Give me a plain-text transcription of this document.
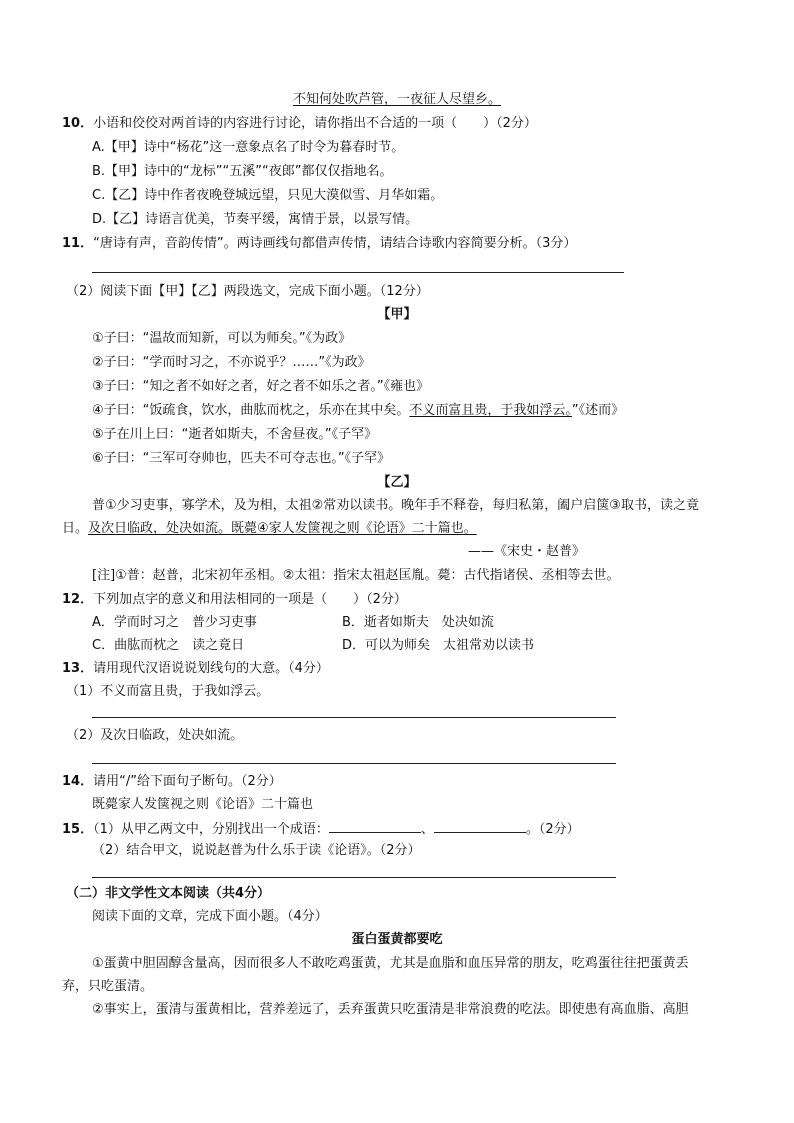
不知何处吹芦管，一夜征人尽望乡。
10．小语和佼佼对两首诗的内容进行讨论，请你指出不合适的一项（　　）（2分）
A.【甲】诗中“杨花”这一意象点名了时令为暮春时节。
B.【甲】诗中的“龙标”“五溪”“夜郎”都仅仅指地名。
C.【乙】诗中作者夜晚登城远望，只见大漠似雪、月华如霜。
D.【乙】诗语言优美，节奏平缓，寓情于景，以景写情。
11．“唐诗有声，音韵传情”。两诗画线句都借声传情，请结合诗歌内容简要分析。（3分）
（2）阅读下面【甲】【乙】两段选文，完成下面小题。（12分）
【甲】
①子曰：“温故而知新，可以为师矣。”《为政》
②子曰：“学而时习之，不亦说乎？……”《为政》
③子曰：“知之者不如好之者，好之者不如乐之者。”《雍也》
④子曰：“饭疏食，饮水，曲肱而枕之，乐亦在其中矣。不义而富且贵，于我如浮云。”《述而》
⑤子在川上曰：“逝者如斯夫，不舍昼夜。”《子罕》
⑥子曰：“三军可夺帅也，匹夫不可夺志也。”《子罕》
【乙】
普①少习吏事，寡学术，及为相，太祖②常劝以读书。晚年手不释卷，每归私第，阖户启箧③取书，读之竟
日。及次日临政，处决如流。既薨④家人发箧视之则《论语》二十篇也。
——《宋史・赵普》
[注]①普：赵普，北宋初年丞相。②太祖：指宋太祖赵匡胤。薨：古代指诸侯、丞相等去世。
12．下列加点字的意义和用法相同的一项是（　　）（2分）
A．学而时习之　普少习吏事	B．逝者如斯夫　处决如流
C．曲肱而枕之　读之竟日	D．可以为师矣　太祖常劝以读书
13．请用现代汉语说说划线句的大意。（4分）
（1）不义而富且贵，于我如浮云。
（2）及次日临政，处决如流。
14．请用“/”给下面句子断句。（2分）
既薨家人发箧视之则《论语》二十篇也
15．（1）从甲乙两文中，分别找出一个成语：	、	。（2分）
（2）结合甲文，说说赵普为什么乐于读《论语》。（2分）
（二）非文学性文本阅读（共4分）
阅读下面的文章，完成下面小题。（4分）
蛋白蛋黄都要吃
①蛋黄中胆固醇含量高，因而很多人不敢吃鸡蛋黄，尤其是血脂和血压异常的朋友，吃鸡蛋往往把蛋黄丢
弃，只吃蛋清。
②事实上，蛋清与蛋黄相比，营养差远了，丢弃蛋黄只吃蛋清是非常浪费的吃法。即使患有高血脂、高胆
